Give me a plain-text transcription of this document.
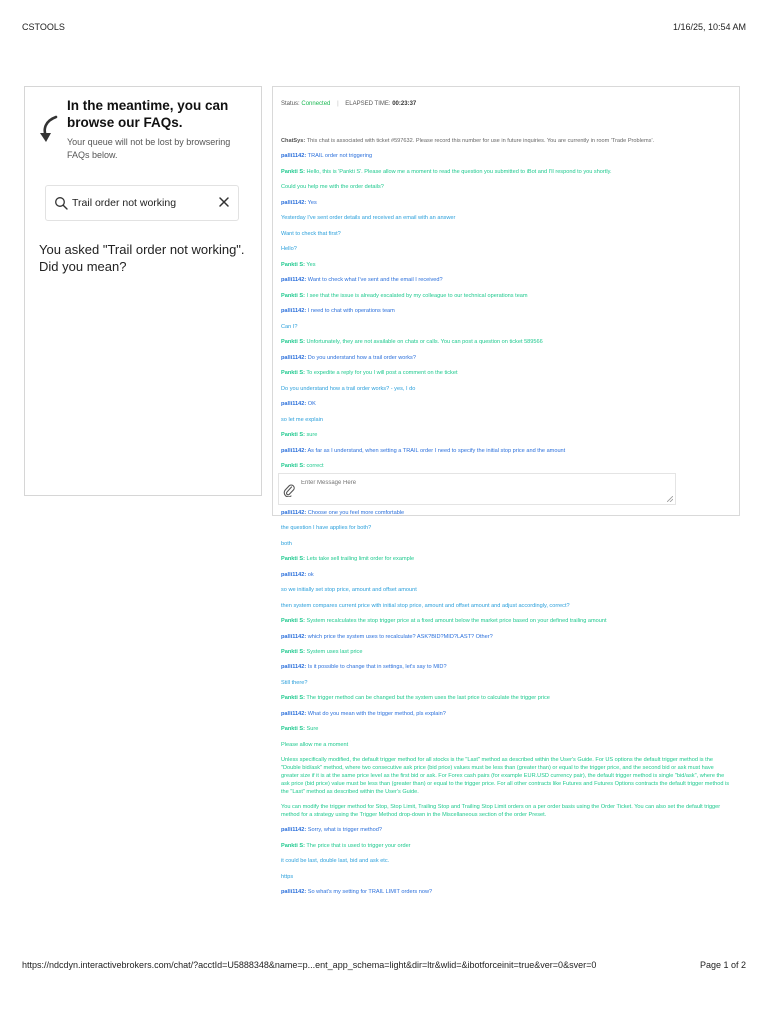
CSTOOLS	1/16/25, 10:54 AM
In the meantime, you can browse our FAQs.
Your queue will not be lost by browsering FAQs below.
Trail order not working
You asked "Trail order not working". Did you mean?
Status: Connected | ELAPSED TIME: 00:23:37
ChatSys: This chat is associated with ticket #597632. Please record this number for use in future inquiries. You are currently in room 'Trade Problems'.
palli1142: TRAIL order not triggering
Pankti S: Hello, this is 'Pankti S'. Please allow me a moment to read the question you submitted to iBot and I'll respond to you shortly.
Could you help me with the order details?
palli1142: Yes
Yesterday I've sent order details and received an email with an answer
Want to check that first?
Hello?
Pankti S: Yes
palli1142: Want to check what I've sent and the email I received?
Pankti S: I see that the issue is already escalated by my colleague to our technical operations team
palli1142: I need to chat with operations team
Can I?
Pankti S: Unfortunately, they are not available on chats or calls. You can post a question on ticket 589566
palli1142: Do you understand how a trail order works?
Pankti S: To expedite a reply for you I will post a comment on the ticket
Do you understand how a trail order works? - yes, I do
palli1142: OK
so let me explain
Pankti S: sure
palli1142: As far as I understand, when setting a TRAIL order I need to specify the initial stop price and the amount
Pankti S: correct
palli1142: Choose one you feel more comfortable
the question I have applies for both?
both
Pankti S: Lets take sell trailing limit order for example
palli1142: ok
so we initially set stop price, amount and offset amount
then system compares current price with initial stop price, amount and offset amount and adjust accordingly, correct?
Pankti S: System recalculates the stop trigger price at a fixed amount below the market price based on your defined trailing amount
palli1142: which price the system uses to recalculate? ASK?BID?MID?LAST? Other?
Pankti S: System uses last price
palli1142: Is it possible to change that in settings, let's say to MID?
Still there?
Pankti S: The trigger method can be changed but the system uses the last price to calculate the trigger price
palli1142: What do you mean with the trigger method, pls explain?
Pankti S: Sure
Please allow me a moment
Unless specifically modified, the default trigger method for all stocks is the "Last" method as described within the User's Guide. For US options the default trigger method is the "Double bid/ask" method, where two consecutive ask price (bid price) values must be less than (greater than) or equal to the trigger price, and the second bid or ask must have greater size if it is at the same price level as the first bid or ask. For Forex cash pairs (for example EUR.USD currency pair), the default trigger method is single "bid/ask", where the ask price (bid price) value must be less than (greater than) or equal to the trigger price. For all other contracts like Futures and Futures Options contracts the default trigger method is the "Last" method as described within the User's Guide.
You can modify the trigger method for Stop, Stop Limit, Trailing Stop and Trailing Stop Limit orders on a per order basis using the Order Ticket. You can also set the default trigger method for a strategy using the Trigger Method drop-down in the Miscellaneous section of the order Preset.
palli1142: Sorry, what is trigger method?
Pankti S: The price that is used to trigger your order
it could be last, double last, bid and ask etc.
https
palli1142: So what's my setting for TRAIL LIMIT orders now?
Enter Message Here
https://ndcdyn.interactivebrokers.com/chat/?acctId=U5888348&name=p...ent_app_schema=light&dir=ltr&wlid=&ibotforceinit=true&ver=0&sver=0	Page 1 of 2
